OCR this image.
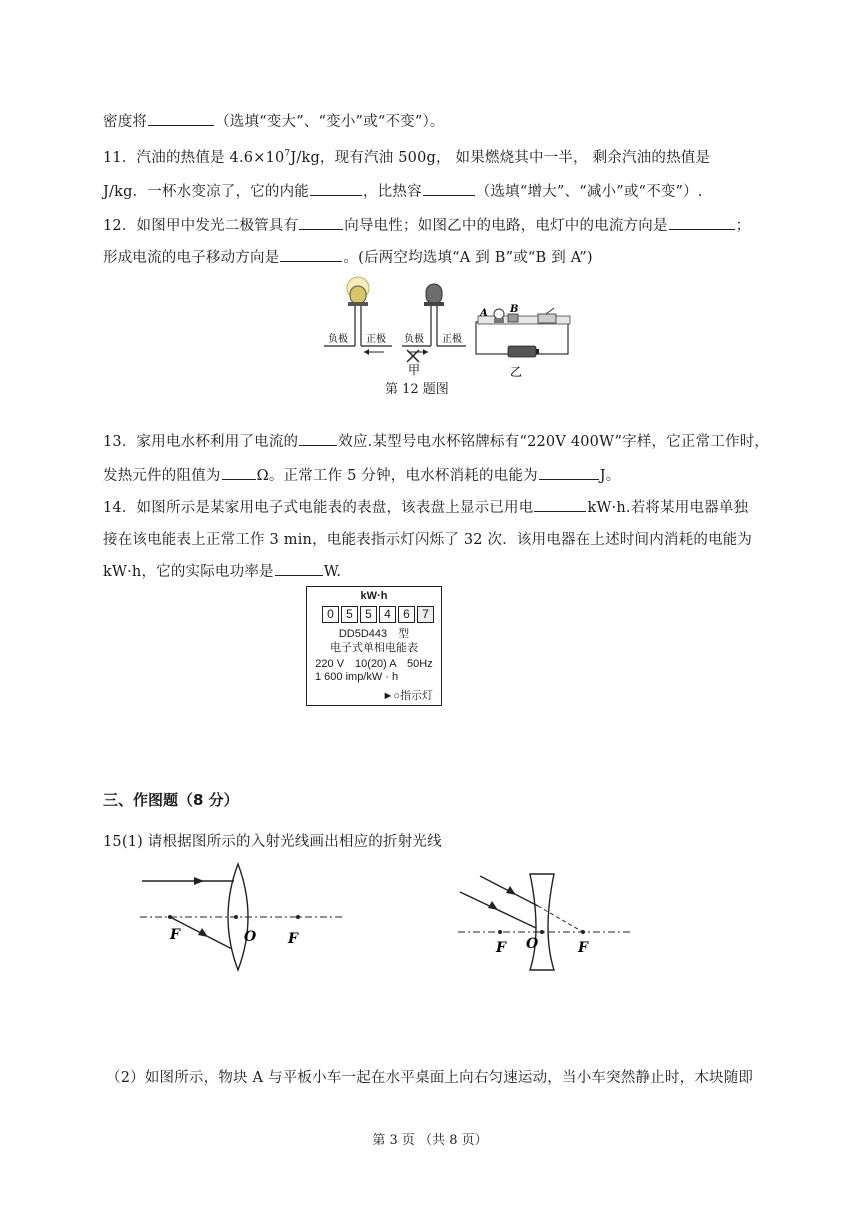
密度将	（选填“变大”、“变小”或“不变”）。
11．汽油的热值是 $4.6\times 10^7J/kg$，现有汽油 500g， 如果燃烧其中一半， 剩余汽油的热值是
J/kg．一杯水变凉了，它的内能	，比热容	（选填“增大”、“减小”或“不变”）.
12．如图甲中发光二极管具有	向导电性；如图乙中的电路，电灯中的电流方向是	；
形成电流的电子移动方向是	。(后两空均选填“A 到 B”或“B 到 A”)
负极 正极 负极 正极
甲
A B
乙
第 12 题图
13．家用电水杯利用了电流的	效应.某型号电水杯铭牌标有“220V 400W”字样，它正常工作时，
发热元件的阻值为 Ω。正常工作 5 分钟，电水杯消耗的电能为	J。
14．如图所示是某家用电子式电能表的表盘，该表盘上显示已用电	kW·h.若将某用电器单独
接在该电能表上正常工作 3 min，电能表指示灯闪烁了 32 次．该用电器在上述时间内消耗的电能为
kW·h，它的实际电功率是	W.
kW·h
0	5	5	4	6	7
DD5D443　型
电子式单相电能表
220 V　10(20) A　50Hz
1 600 imp/kW · h
►○指示灯
三、作图题（8 分）
15(1) 请根据图所示的入射光线画出相应的折射光线
F	O F
F O	F
（2）如图所示，物块 A 与平板小车一起在水平桌面上向右匀速运动，当小车突然静止时，木块随即
第 3 页 （共 8 页）
